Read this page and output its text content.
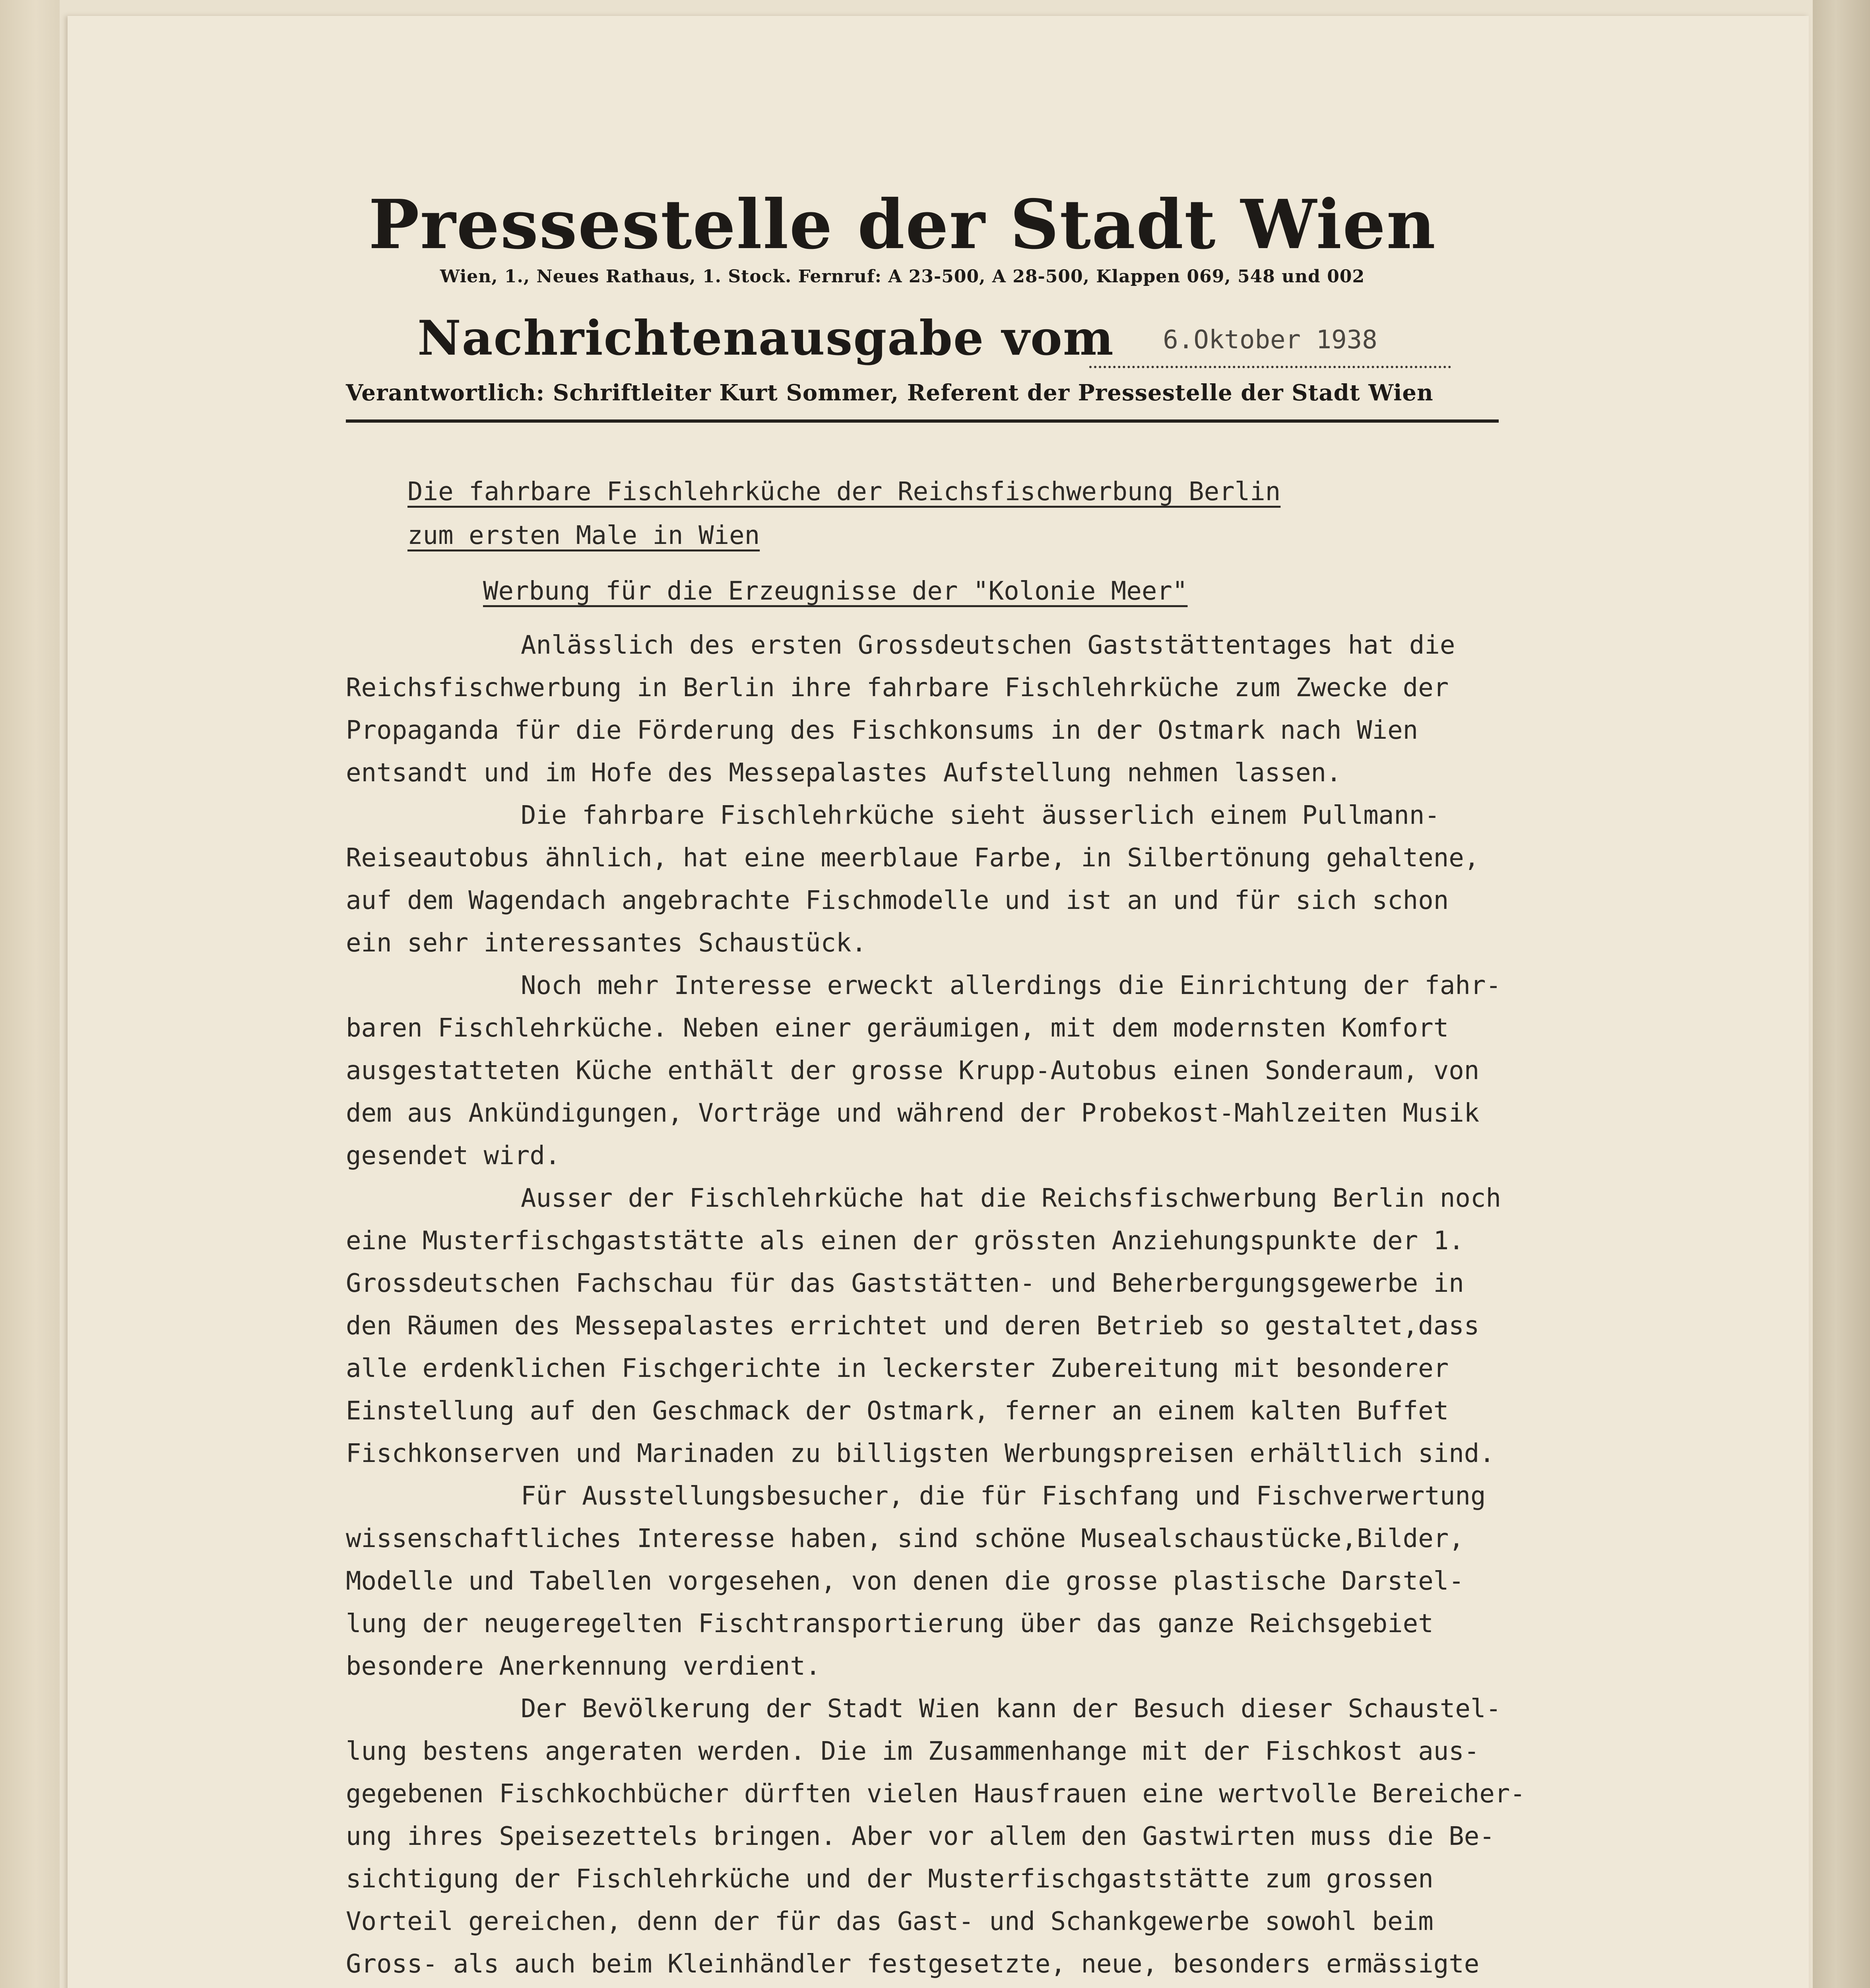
Pressestelle der Stadt Wien
Wien, 1., Neues Rathaus, 1. Stock. Fernruf: A 23-500, A 28-500, Klappen 069, 548 und 002
Nachrichtenausgabe vom	6.Oktober 1938
Verantwortlich: Schriftleiter Kurt Sommer, Referent der Pressestelle der Stadt Wien
Die fahrbare Fischlehrküche der Reichsfischwerbung Berlin
zum ersten Male in Wien
Werbung für die Erzeugnisse der "Kolonie Meer"
Anlässlich des ersten Grossdeutschen Gaststättentages hat die
Reichsfischwerbung in Berlin ihre fahrbare Fischlehrküche zum Zwecke der
Propaganda für die Förderung des Fischkonsums in der Ostmark nach Wien
entsandt und im Hofe des Messepalastes Aufstellung nehmen lassen.
Die fahrbare Fischlehrküche sieht äusserlich einem Pullmann-
Reiseautobus ähnlich, hat eine meerblaue Farbe, in Silbertönung gehaltene,
auf dem Wagendach angebrachte Fischmodelle und ist an und für sich schon
ein sehr interessantes Schaustück.
Noch mehr Interesse erweckt allerdings die Einrichtung der fahr-
baren Fischlehrküche. Neben einer geräumigen, mit dem modernsten Komfort
ausgestatteten Küche enthält der grosse Krupp-Autobus einen Sonderaum, von
dem aus Ankündigungen, Vorträge und während der Probekost-Mahlzeiten Musik
gesendet wird.
Ausser der Fischlehrküche hat die Reichsfischwerbung Berlin noch
eine Musterfischgaststätte als einen der grössten Anziehungspunkte der 1.
Grossdeutschen Fachschau für das Gaststätten- und Beherbergungsgewerbe in
den Räumen des Messepalastes errichtet und deren Betrieb so gestaltet,dass
alle erdenklichen Fischgerichte in leckerster Zubereitung mit besonderer
Einstellung auf den Geschmack der Ostmark, ferner an einem kalten Buffet
Fischkonserven und Marinaden zu billigsten Werbungspreisen erhältlich sind.
Für Ausstellungsbesucher, die für Fischfang und Fischverwertung
wissenschaftliches Interesse haben, sind schöne Musealschaustücke,Bilder,
Modelle und Tabellen vorgesehen, von denen die grosse plastische Darstel-
lung der neugeregelten Fischtransportierung über das ganze Reichsgebiet
besondere Anerkennung verdient.
Der Bevölkerung der Stadt Wien kann der Besuch dieser Schaustel-
lung bestens angeraten werden. Die im Zusammenhange mit der Fischkost aus-
gegebenen Fischkochbücher dürften vielen Hausfrauen eine wertvolle Bereicher-
ung ihres Speisezettels bringen. Aber vor allem den Gastwirten muss die Be-
sichtigung der Fischlehrküche und der Musterfischgaststätte zum grossen
Vorteil gereichen, denn der für das Gast- und Schankgewerbe sowohl beim
Gross- als auch beim Kleinhändler festgesetzte, neue, besonders ermässigte
